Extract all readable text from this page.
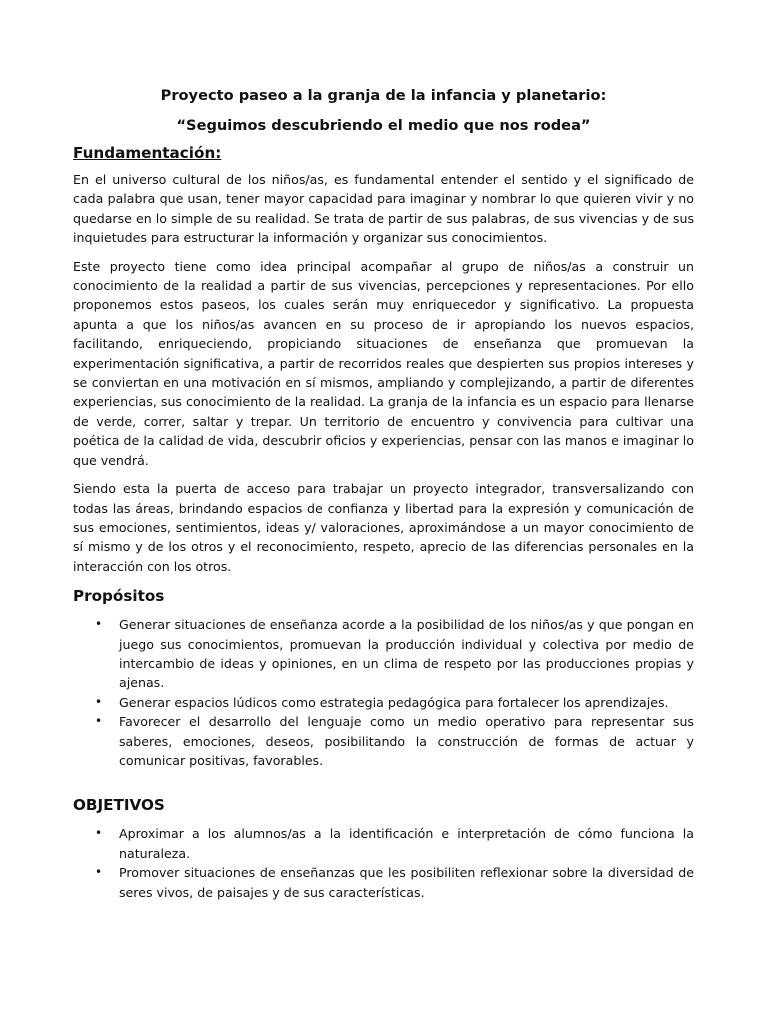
Proyecto paseo a la granja de la infancia y planetario:
“Seguimos descubriendo el medio que nos rodea”
Fundamentación:

En el universo cultural de los niños/as, es fundamental entender el sentido y el significado de cada palabra que usan, tener mayor capacidad para imaginar y nombrar lo que quieren vivir y no quedarse en lo simple de su realidad. Se trata de partir de sus palabras, de sus vivencias y de sus inquietudes para estructurar la información y organizar sus conocimientos.

Este proyecto tiene como idea principal acompañar al grupo de niños/as a construir un conocimiento de la realidad a partir de sus vivencias, percepciones y representaciones. Por ello proponemos estos paseos, los cuales serán muy enriquecedor y significativo. La propuesta apunta a que los niños/as avancen en su proceso de ir apropiando los nuevos espacios, facilitando, enriqueciendo, propiciando situaciones de enseñanza que promuevan la experimentación significativa, a partir de recorridos reales que despierten sus propios intereses y se conviertan en una motivación en sí mismos, ampliando y complejizando, a partir de diferentes experiencias, sus conocimiento de la realidad. La granja de la infancia es un espacio para llenarse de verde, correr, saltar y trepar. Un territorio de encuentro y convivencia para cultivar una poética de la calidad de vida, descubrir oficios y experiencias, pensar con las manos e imaginar lo que vendrá.

Siendo esta la puerta de acceso para trabajar un proyecto integrador, transversalizando con todas las áreas, brindando espacios de confianza y libertad para la expresión y comunicación de sus emociones, sentimientos, ideas y/ valoraciones, aproximándose a un mayor conocimiento de sí mismo y de los otros y el reconocimiento, respeto, aprecio de las diferencias personales en la interacción con los otros.

Propósitos
• Generar situaciones de enseñanza acorde a la posibilidad de los niños/as y que pongan en juego sus conocimientos, promuevan la producción individual y colectiva por medio de intercambio de ideas y opiniones, en un clima de respeto por las producciones propias y ajenas.
• Generar espacios lúdicos como estrategia pedagógica para fortalecer los aprendizajes.
• Favorecer el desarrollo del lenguaje como un medio operativo para representar sus saberes, emociones, deseos, posibilitando la construcción de formas de actuar y comunicar positivas, favorables.
OBJETIVOS
• Aproximar a los alumnos/as a la identificación e interpretación de cómo funciona la naturaleza.
• Promover situaciones de enseñanzas que les posibiliten reflexionar sobre la diversidad de seres vivos, de paisajes y de sus características.
